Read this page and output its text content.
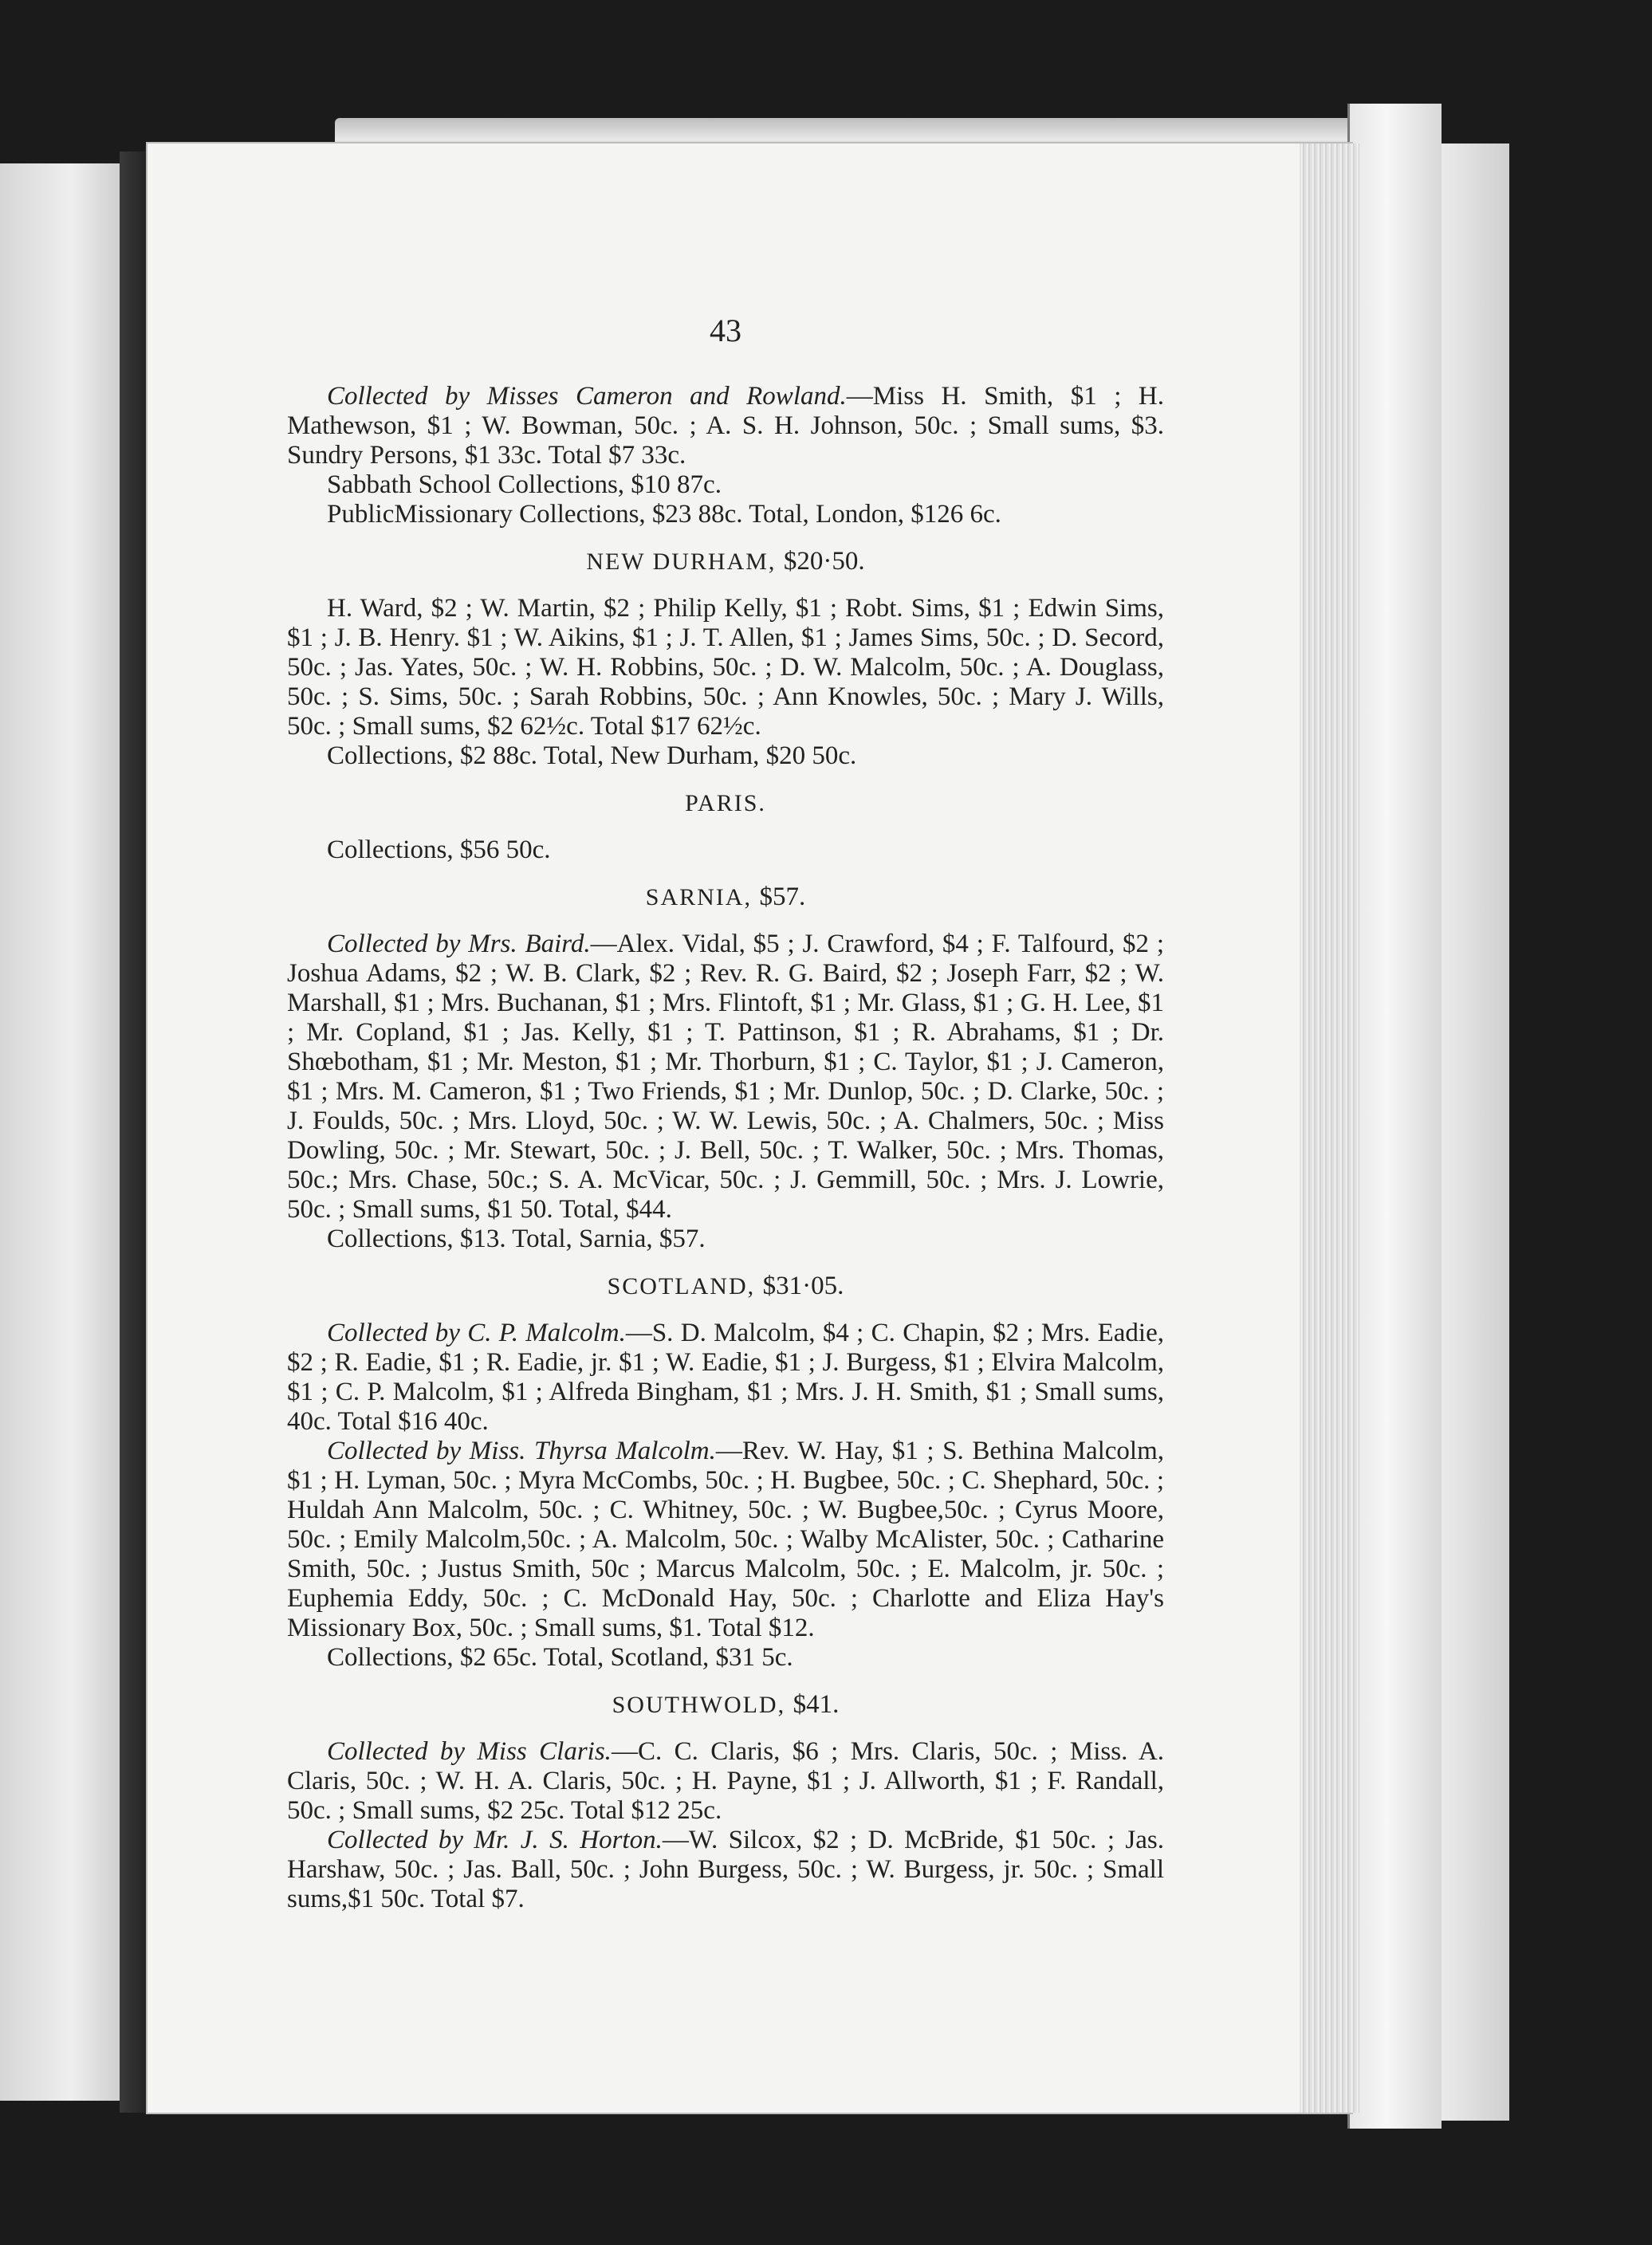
43

Collected by Misses Cameron and Rowland.—Miss H. Smith, $1 ; H. Mathewson, $1 ; W. Bowman, 50c. ; A. S. H. Johnson, 50c. ; Small sums, $3. Sundry Persons, $1 33c. Total $7 33c.

Sabbath School Collections, $10 87c.

PublicMissionary Collections, $23 88c. Total, London, $126 6c.

NEW DURHAM, $20·50.

H. Ward, $2 ; W. Martin, $2 ; Philip Kelly, $1 ; Robt. Sims, $1 ; Edwin Sims, $1 ; J. B. Henry. $1 ; W. Aikins, $1 ; J. T. Allen, $1 ; James Sims, 50c. ; D. Secord, 50c. ; Jas. Yates, 50c. ; W. H. Robbins, 50c. ; D. W. Malcolm, 50c. ; A. Douglass, 50c. ; S. Sims, 50c. ; Sarah Robbins, 50c. ; Ann Knowles, 50c. ; Mary J. Wills, 50c. ; Small sums, $2 62½c. Total $17 62½c.

Collections, $2 88c. Total, New Durham, $20 50c.

PARIS.

Collections, $56 50c.

SARNIA, $57.

Collected by Mrs. Baird.—Alex. Vidal, $5 ; J. Crawford, $4 ; F. Talfourd, $2 ; Joshua Adams, $2 ; W. B. Clark, $2 ; Rev. R. G. Baird, $2 ; Joseph Farr, $2 ; W. Marshall, $1 ; Mrs. Buchanan, $1 ; Mrs. Flintoft, $1 ; Mr. Glass, $1 ; G. H. Lee, $1 ; Mr. Copland, $1 ; Jas. Kelly, $1 ; T. Pattinson, $1 ; R. Abrahams, $1 ; Dr. Shœbotham, $1 ; Mr. Meston, $1 ; Mr. Thorburn, $1 ; C. Taylor, $1 ; J. Cameron, $1 ; Mrs. M. Cameron, $1 ; Two Friends, $1 ; Mr. Dunlop, 50c. ; D. Clarke, 50c. ; J. Foulds, 50c. ; Mrs. Lloyd, 50c. ; W. W. Lewis, 50c. ; A. Chalmers, 50c. ; Miss Dowling, 50c. ; Mr. Stewart, 50c. ; J. Bell, 50c. ; T. Walker, 50c. ; Mrs. Thomas, 50c.; Mrs. Chase, 50c.; S. A. McVicar, 50c. ; J. Gemmill, 50c. ; Mrs. J. Lowrie, 50c. ; Small sums, $1 50. Total, $44.

Collections, $13. Total, Sarnia, $57.

SCOTLAND, $31·05.

Collected by C. P. Malcolm.—S. D. Malcolm, $4 ; C. Chapin, $2 ; Mrs. Eadie, $2 ; R. Eadie, $1 ; R. Eadie, jr. $1 ; W. Eadie, $1 ; J. Burgess, $1 ; Elvira Malcolm, $1 ; C. P. Malcolm, $1 ; Alfreda Bingham, $1 ; Mrs. J. H. Smith, $1 ; Small sums, 40c. Total $16 40c.

Collected by Miss. Thyrsa Malcolm.—Rev. W. Hay, $1 ; S. Bethina Malcolm, $1 ; H. Lyman, 50c. ; Myra McCombs, 50c. ; H. Bugbee, 50c. ; C. Shephard, 50c. ; Huldah Ann Malcolm, 50c. ; C. Whitney, 50c. ; W. Bugbee,50c. ; Cyrus Moore, 50c. ; Emily Malcolm,50c. ; A. Malcolm, 50c. ; Walby McAlister, 50c. ; Catharine Smith, 50c. ; Justus Smith, 50c ; Marcus Malcolm, 50c. ; E. Malcolm, jr. 50c. ; Euphemia Eddy, 50c. ; C. McDonald Hay, 50c. ; Charlotte and Eliza Hay's Missionary Box, 50c. ; Small sums, $1. Total $12.

Collections, $2 65c. Total, Scotland, $31 5c.

SOUTHWOLD, $41.

Collected by Miss Claris.—C. C. Claris, $6 ; Mrs. Claris, 50c. ; Miss. A. Claris, 50c. ; W. H. A. Claris, 50c. ; H. Payne, $1 ; J. Allworth, $1 ; F. Randall, 50c. ; Small sums, $2 25c. Total $12 25c.

Collected by Mr. J. S. Horton.—W. Silcox, $2 ; D. McBride, $1 50c. ; Jas. Harshaw, 50c. ; Jas. Ball, 50c. ; John Burgess, 50c. ; W. Burgess, jr. 50c. ; Small sums,$1 50c. Total $7.
